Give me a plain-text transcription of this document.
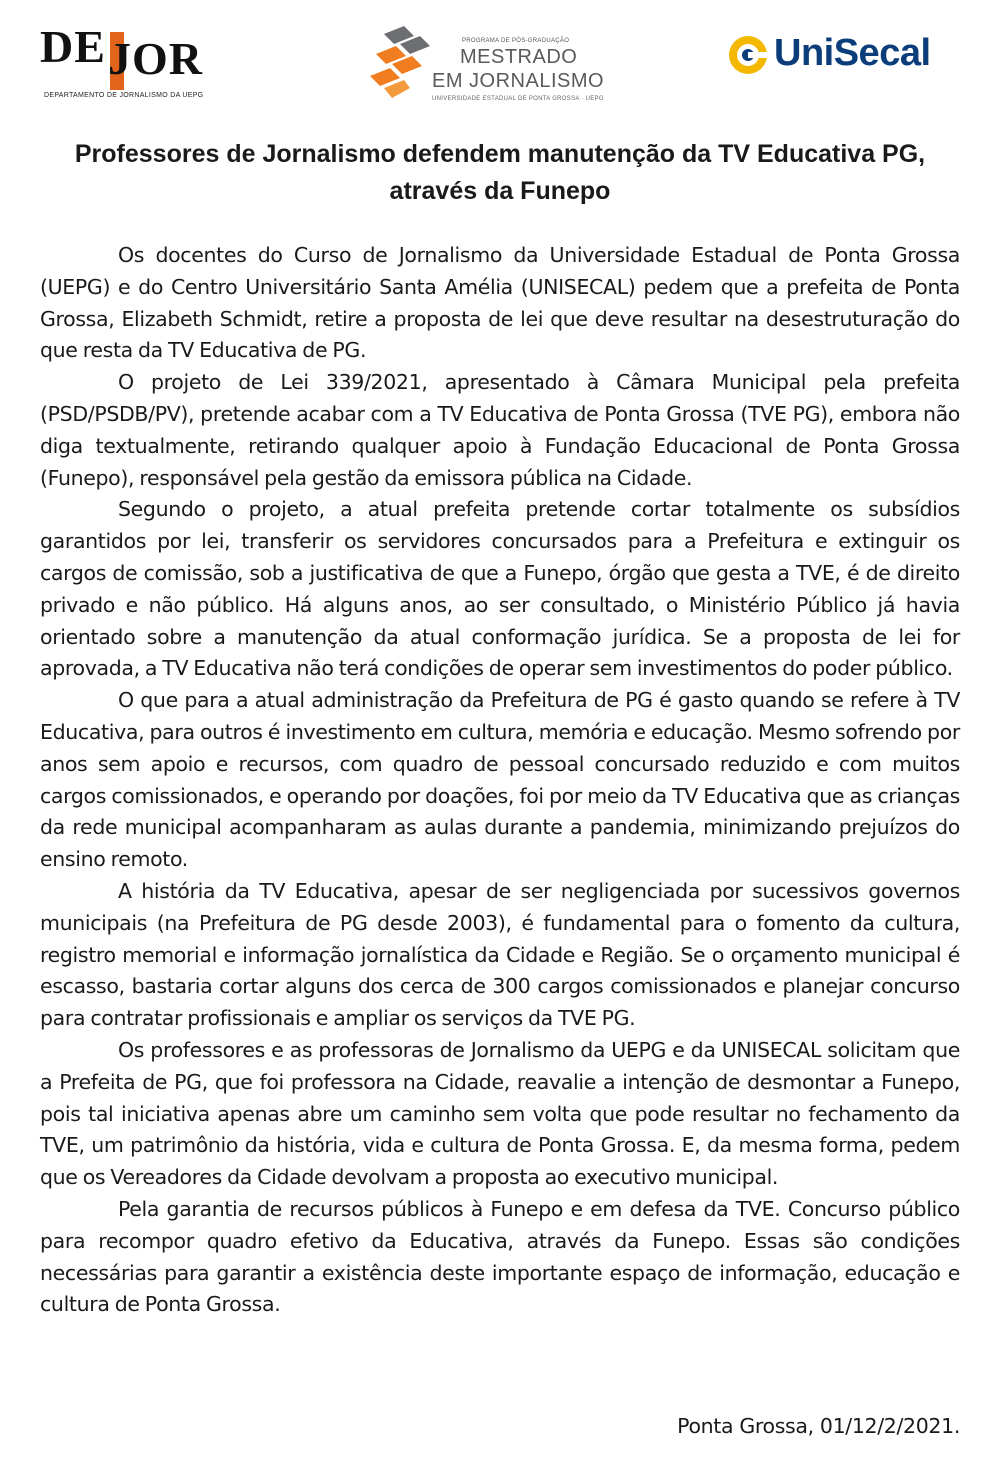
DE JOR
DEPARTAMENTO DE JORNALISMO DA UEPG
PROGRAMA DE PÓS-GRADUAÇÃO
MESTRADO
EM JORNALISMO
UNIVERSIDADE ESTADUAL DE PONTA GROSSA · UEPG
UniSecal
Professores de Jornalismo defendem manutenção da TV Educativa PG, através da Funepo

Os docentes do Curso de Jornalismo da Universidade Estadual de Ponta Grossa (UEPG) e do Centro Universitário Santa Amélia (UNISECAL) pedem que a prefeita de Ponta Grossa, Elizabeth Schmidt, retire a proposta de lei que deve resultar na desestruturação do que resta da TV Educativa de PG.

O projeto de Lei 339/2021, apresentado à Câmara Municipal pela prefeita (PSD/PSDB/PV), pretende acabar com a TV Educativa de Ponta Grossa (TVE PG), embora não diga textualmente, retirando qualquer apoio à Fundação Educacional de Ponta Grossa (Funepo), responsável pela gestão da emissora pública na Cidade.

Segundo o projeto, a atual prefeita pretende cortar totalmente os subsídios garantidos por lei, transferir os servidores concursados para a Prefeitura e extinguir os cargos de comissão, sob a justificativa de que a Funepo, órgão que gesta a TVE, é de direito privado e não público. Há alguns anos, ao ser consultado, o Ministério Público já havia orientado sobre a manutenção da atual conformação jurídica. Se a proposta de lei for aprovada, a TV Educativa não terá condições de operar sem investimentos do poder público.

O que para a atual administração da Prefeitura de PG é gasto quando se refere à TV Educativa, para outros é investimento em cultura, memória e educação. Mesmo sofrendo por anos sem apoio e recursos, com quadro de pessoal concursado reduzido e com muitos cargos comissionados, e operando por doações, foi por meio da TV Educativa que as crianças da rede municipal acompanharam as aulas durante a pandemia, minimizando prejuízos do ensino remoto.

A história da TV Educativa, apesar de ser negligenciada por sucessivos governos municipais (na Prefeitura de PG desde 2003), é fundamental para o fomento da cultura, registro memorial e informação jornalística da Cidade e Região. Se o orçamento municipal é escasso, bastaria cortar alguns dos cerca de 300 cargos comissionados e planejar concurso para contratar profissionais e ampliar os serviços da TVE PG.

Os professores e as professoras de Jornalismo da UEPG e da UNISECAL solicitam que a Prefeita de PG, que foi professora na Cidade, reavalie a intenção de desmontar a Funepo, pois tal iniciativa apenas abre um caminho sem volta que pode resultar no fechamento da TVE, um patrimônio da história, vida e cultura de Ponta Grossa. E, da mesma forma, pedem que os Vereadores da Cidade devolvam a proposta ao executivo municipal.

Pela garantia de recursos públicos à Funepo e em defesa da TVE. Concurso público para recompor quadro efetivo da Educativa, através da Funepo. Essas são condições necessárias para garantir a existência deste importante espaço de informação, educação e cultura de Ponta Grossa.

Ponta Grossa, 01/12/2/2021.
